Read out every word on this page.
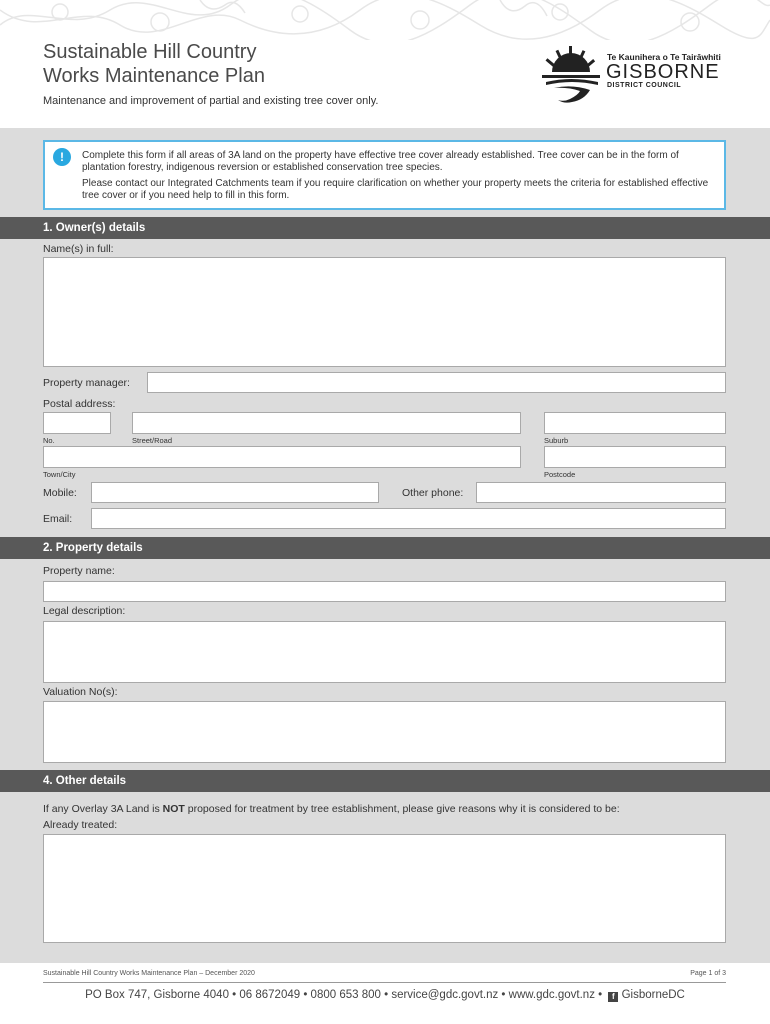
Sustainable Hill Country
Works Maintenance Plan
Maintenance and improvement of partial and existing tree cover only.
Te Kaunihera o Te Tairāwhiti
GISBORNE
DISTRICT COUNCIL
!	Complete this form if all areas of 3A land on the property have effective tree cover already established. Tree cover can be in the form of plantation forestry, indigenous reversion or established conservation tree species.
Please contact our Integrated Catchments team if you require clarification on whether your property meets the criteria for established effective tree cover or if you need help to fill in this form.
1. Owner(s) details
Name(s) in full:
Property manager:
Postal address:
No.	Street/Road	Suburb
Town/City	Postcode
Mobile:	Other phone:
Email:
2. Property details
Property name:
Legal description:
Valuation No(s):
4. Other details
If any Overlay 3A Land is NOT proposed for treatment by tree establishment, please give reasons why it is considered to be:
Already treated:
Sustainable Hill Country Works Maintenance Plan – December 2020	Page 1 of 3
PO Box 747, Gisborne 4040 • 06 8672049 • 0800 653 800 • service@gdc.govt.nz • www.gdc.govt.nz • f GisborneDC
